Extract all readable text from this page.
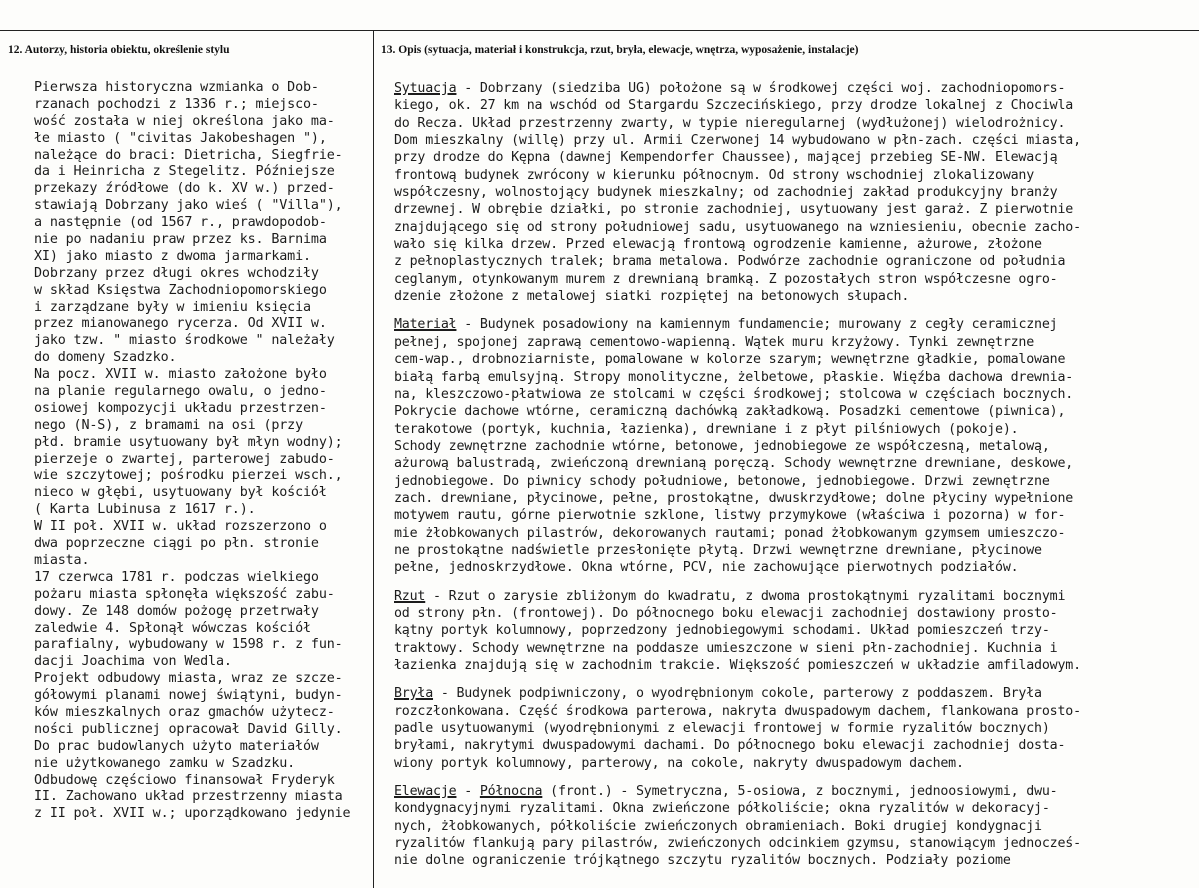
12. Autorzy, historia obiektu, określenie stylu	13. Opis (sytuacja, materiał i konstrukcja, rzut, bryła, elewacje, wnętrza, wyposażenie, instalacje)
Pierwsza historyczna wzmianka o Dob-
rzanach pochodzi z 1336 r.; miejsco-
wość została w niej określona jako ma-
łe miasto ( "civitas Jakobeshagen "),
należące do braci: Dietricha, Siegfrie-
da i Heinricha z Stegelitz. Późniejsze
przekazy źródłowe (do k. XV w.) przed-
stawiają Dobrzany jako wieś ( "Villa"),
a następnie (od 1567 r., prawdopodob-
nie po nadaniu praw przez ks. Barnima
XI) jako miasto z dwoma jarmarkami.
Dobrzany przez długi okres wchodziły
w skład Księstwa Zachodniopomorskiego
i zarządzane były w imieniu księcia
przez mianowanego rycerza. Od XVII w.
jako tzw. " miasto środkowe " należały
do domeny Szadzko.
Na pocz. XVII w. miasto założone było
na planie regularnego owalu, o jedno-
osiowej kompozycji układu przestrzen-
nego (N-S), z bramami na osi (przy
płd. bramie usytuowany był młyn wodny);
pierzeje o zwartej, parterowej zabudo-
wie szczytowej; pośrodku pierzei wsch.,
nieco w głębi, usytuowany był kościół
( Karta Lubinusa z 1617 r.).
W II poł. XVII w. układ rozszerzono o
dwa poprzeczne ciągi po płn. stronie
miasta.
17 czerwca 1781 r. podczas wielkiego
pożaru miasta spłonęła większość zabu-
dowy. Ze 148 domów pożogę przetrwały
zaledwie 4. Spłonął wówczas kościół
parafialny, wybudowany w 1598 r. z fun-
dacji Joachima von Wedla.
Projekt odbudowy miasta, wraz ze szcze-
gółowymi planami nowej świątyni, budyn-
ków mieszkalnych oraz gmachów użytecz-
ności publicznej opracował David Gilly.
Do prac budowlanych użyto materiałów
nie użytkowanego zamku w Szadzku.
Odbudowę częściowo finansował Fryderyk
II. Zachowano układ przestrzenny miasta
z II poł. XVII w.; uporządkowano jedynie
Sytuacja - Dobrzany (siedziba UG) położone są w środkowej części woj. zachodniopomors-
kiego, ok. 27 km na wschód od Stargardu Szczecińskiego, przy drodze lokalnej z Chociwla
do Recza. Układ przestrzenny zwarty, w typie nieregularnej (wydłużonej) wielodrożnicy.
Dom mieszkalny (willę) przy ul. Armii Czerwonej 14 wybudowano w płn-zach. części miasta,
przy drodze do Kępna (dawnej Kempendorfer Chaussee), mającej przebieg SE-NW. Elewacją
frontową budynek zwrócony w kierunku północnym. Od strony wschodniej zlokalizowany
współczesny, wolnostojący budynek mieszkalny; od zachodniej zakład produkcyjny branży
drzewnej. W obrębie działki, po stronie zachodniej, usytuowany jest garaż. Z pierwotnie
znajdującego się od strony południowej sadu, usytuowanego na wzniesieniu, obecnie zacho-
wało się kilka drzew. Przed elewacją frontową ogrodzenie kamienne, ażurowe, złożone
z pełnoplastycznych tralek; brama metalowa. Podwórze zachodnie ograniczone od południa
ceglanym, otynkowanym murem z drewnianą bramką. Z pozostałych stron współczesne ogro-
dzenie złożone z metalowej siatki rozpiętej na betonowych słupach.
Materiał - Budynek posadowiony na kamiennym fundamencie; murowany z cegły ceramicznej
pełnej, spojonej zaprawą cementowo-wapienną. Wątek muru krzyżowy. Tynki zewnętrzne
cem-wap., drobnoziarniste, pomalowane w kolorze szarym; wewnętrzne gładkie, pomalowane
białą farbą emulsyjną. Stropy monolityczne, żelbetowe, płaskie. Więźba dachowa drewnia-
na, kleszczowo-płatwiowa ze stolcami w części środkowej; stolcowa w częściach bocznych.
Pokrycie dachowe wtórne, ceramiczną dachówką zakładkową. Posadzki cementowe (piwnica),
terakotowe (portyk, kuchnia, łazienka), drewniane i z płyt pilśniowych (pokoje).
Schody zewnętrzne zachodnie wtórne, betonowe, jednobiegowe ze współczesną, metalową,
ażurową balustradą, zwieńczoną drewnianą poręczą. Schody wewnętrzne drewniane, deskowe,
jednobiegowe. Do piwnicy schody południowe, betonowe, jednobiegowe. Drzwi zewnętrzne
zach. drewniane, płycinowe, pełne, prostokątne, dwuskrzydłowe; dolne płyciny wypełnione
motywem rautu, górne pierwotnie szklone, listwy przymykowe (właściwa i pozorna) w for-
mie żłobkowanych pilastrów, dekorowanych rautami; ponad żłobkowanym gzymsem umieszczo-
ne prostokątne nadświetle przesłonięte płytą. Drzwi wewnętrzne drewniane, płycinowe
pełne, jednoskrzydłowe. Okna wtórne, PCV, nie zachowujące pierwotnych podziałów.
Rzut - Rzut o zarysie zbliżonym do kwadratu, z dwoma prostokątnymi ryzalitami bocznymi
od strony płn. (frontowej). Do północnego boku elewacji zachodniej dostawiony prosto-
kątny portyk kolumnowy, poprzedzony jednobiegowymi schodami. Układ pomieszczeń trzy-
traktowy. Schody wewnętrzne na poddasze umieszczone w sieni płn-zachodniej. Kuchnia i
łazienka znajdują się w zachodnim trakcie. Większość pomieszczeń w układzie amfiladowym.
Bryła - Budynek podpiwniczony, o wyodrębnionym cokole, parterowy z poddaszem. Bryła
rozczłonkowana. Część środkowa parterowa, nakryta dwuspadowym dachem, flankowana prosto-
padle usytuowanymi (wyodrębnionymi z elewacji frontowej w formie ryzalitów bocznych)
bryłami, nakrytymi dwuspadowymi dachami. Do północnego boku elewacji zachodniej dosta-
wiony portyk kolumnowy, parterowy, na cokole, nakryty dwuspadowym dachem.
Elewacje - Północna (front.) - Symetryczna, 5-osiowa, z bocznymi, jednoosiowymi, dwu-
kondygnacyjnymi ryzalitami. Okna zwieńczone półkoliście; okna ryzalitów w dekoracyj-
nych, żłobkowanych, półkoliście zwieńczonych obramieniach. Boki drugiej kondygnacji
ryzalitów flankują pary pilastrów, zwieńczonych odcinkiem gzymsu, stanowiącym jednocześ-
nie dolne ograniczenie trójkątnego szczytu ryzalitów bocznych. Podziały poziome
